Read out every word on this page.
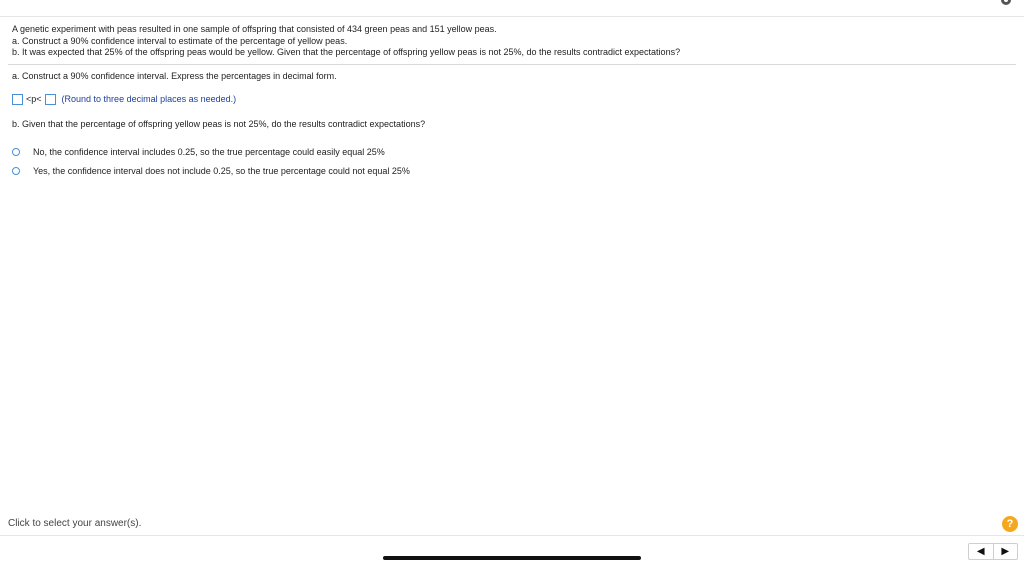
A genetic experiment with peas resulted in one sample of offspring that consisted of 434 green peas and 151 yellow peas.
a. Construct a 90% confidence interval to estimate of the percentage of yellow peas.
b. It was expected that 25% of the offspring peas would be yellow. Given that the percentage of offspring yellow peas is not 25%, do the results contradict expectations?
a. Construct a 90% confidence interval. Express the percentages in decimal form.
<p< (Round to three decimal places as needed.)
b. Given that the percentage of offspring yellow peas is not 25%, do the results contradict expectations?
No, the confidence interval includes 0.25, so the true percentage could easily equal 25%
Yes, the confidence interval does not include 0.25, so the true percentage could not equal 25%
Click to select your answer(s).	?
◀	▶
